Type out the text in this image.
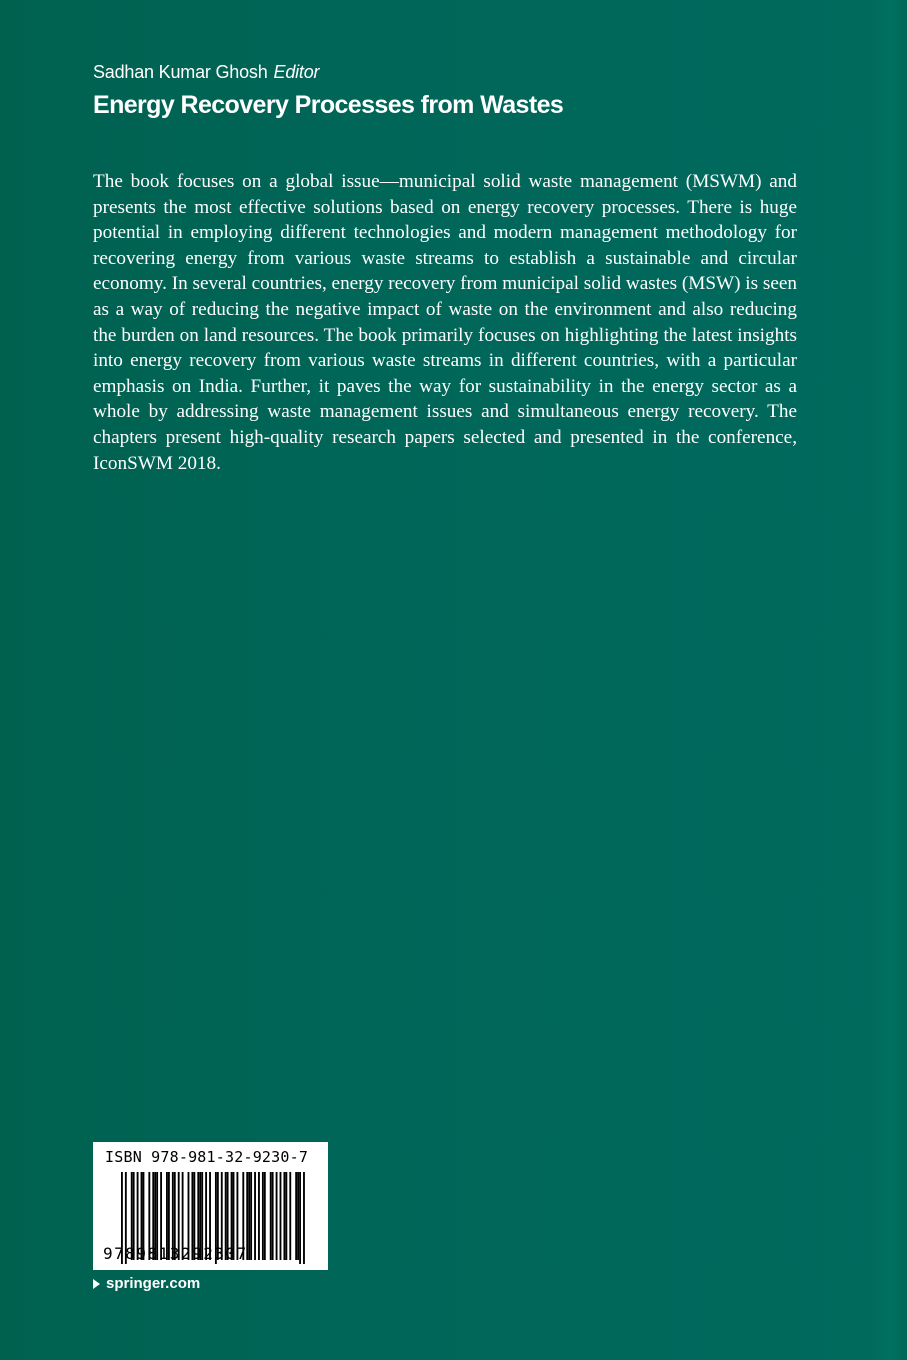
Sadhan Kumar Ghosh Editor
Energy Recovery Processes from Wastes

The book focuses on a global issue—municipal solid waste management (MSWM) and presents the most effective solutions based on energy recovery processes. There is huge potential in employing different technologies and modern management methodology for recovering energy from various waste streams to establish a sustainable and circular economy. In several countries, energy recovery from municipal solid wastes (MSW) is seen as a way of reducing the negative impact of waste on the environment and also reducing the burden on land resources. The book primarily focuses on highlighting the latest insights into energy recovery from various waste streams in different countries, with a particular emphasis on India. Further, it paves the way for sustainability in the energy sector as a whole by addressing waste management issues and simultaneous energy recovery. The chapters present high-quality research papers selected and presented in the conference, IconSWM 2018.

ISBN 978-981-32-9230-7
9789813292307
springer.com
